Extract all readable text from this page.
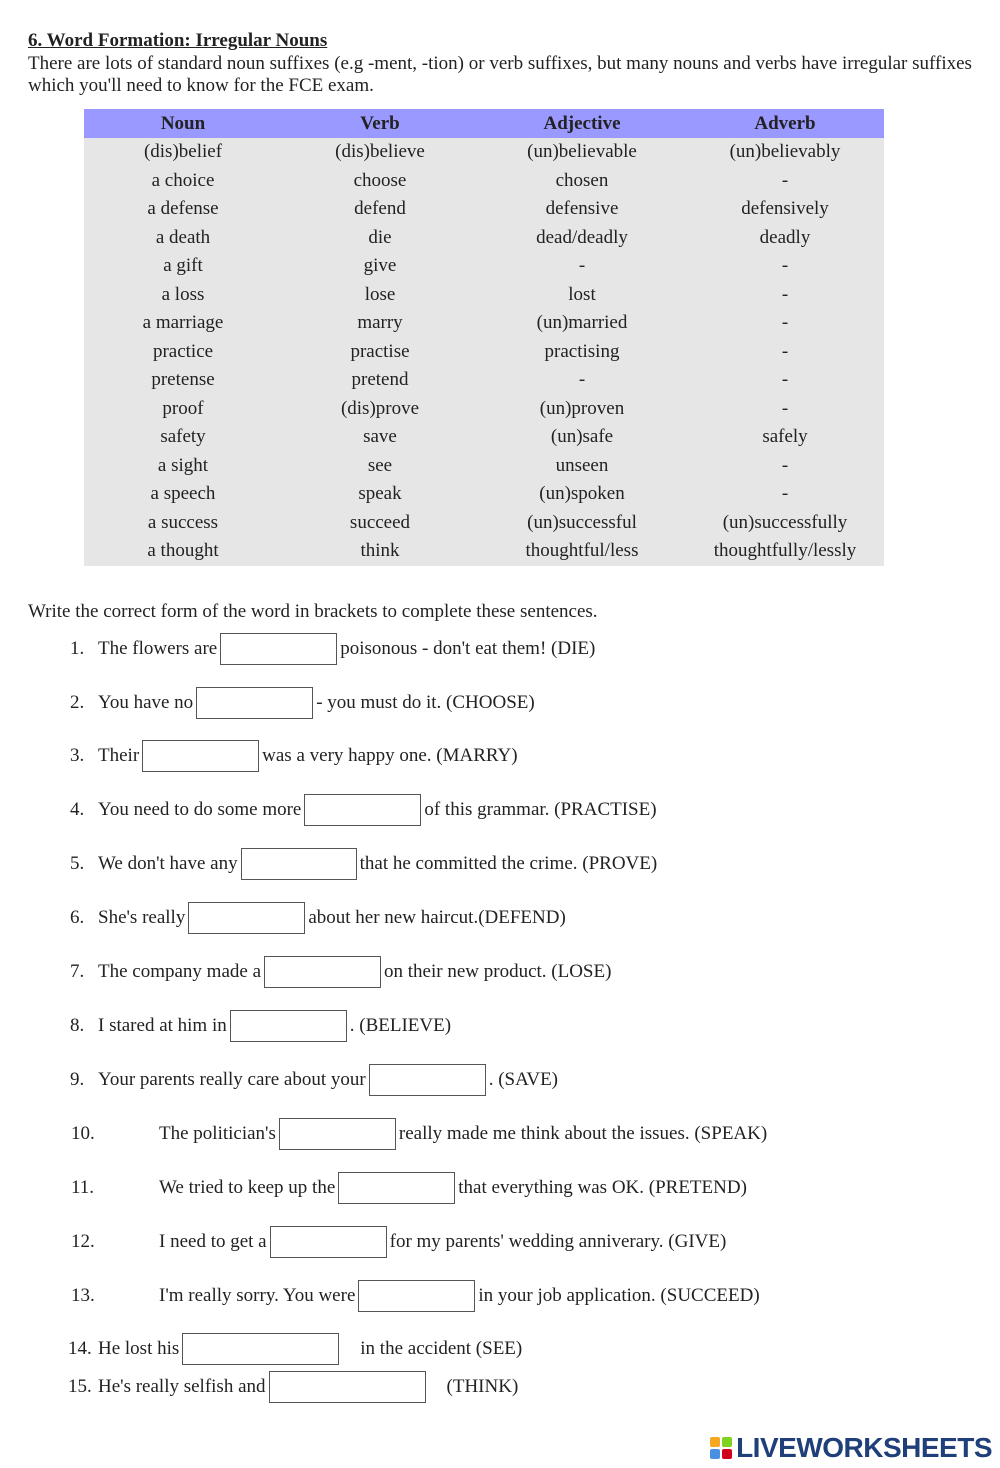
6. Word Formation: Irregular Nouns
There are lots of standard noun suffixes (e.g -ment, -tion) or verb suffixes, but many nouns and verbs have irregular suffixes which you'll need to know for the FCE exam.
Noun	Verb	Adjective	Adverb
(dis)belief	(dis)believe	(un)believable	(un)believably
a choice	choose	chosen	-
a defense	defend	defensive	defensively
a death	die	dead/deadly	deadly
a gift	give	-	-
a loss	lose	lost	-
a marriage	marry	(un)married	-
practice	practise	practising	-
pretense	pretend	-	-
proof	(dis)prove	(un)proven	-
safety	save	(un)safe	safely
a sight	see	unseen	-
a speech	speak	(un)spoken	-
a success	succeed	(un)successful	(un)successfully
a thought	think	thoughtful/less	thoughtfully/lessly
Write the correct form of the word in brackets to complete these sentences.
1. The flowers are	poisonous - don't eat them! (DIE)
2. You have no	- you must do it. (CHOOSE)
3. Their	was a very happy one. (MARRY)
4. You need to do some more	of this grammar. (PRACTISE)
5. We don't have any	that he committed the crime. (PROVE)
6. She's really	about her new haircut.(DEFEND)
7. The company made a	on their new product. (LOSE)
8. I stared at him in	. (BELIEVE)
9. Your parents really care about your	. (SAVE)
10.	The politician's	really made me think about the issues. (SPEAK)
11.	We tried to keep up the	that everything was OK. (PRETEND)
12.	I need to get a	for my parents' wedding anniverary. (GIVE)
13.	I'm really sorry. You were	in your job application. (SUCCEED)
14. He lost his	in the accident (SEE)
15. He's really selfish and	(THINK)
LIVEWORKSHEETS
